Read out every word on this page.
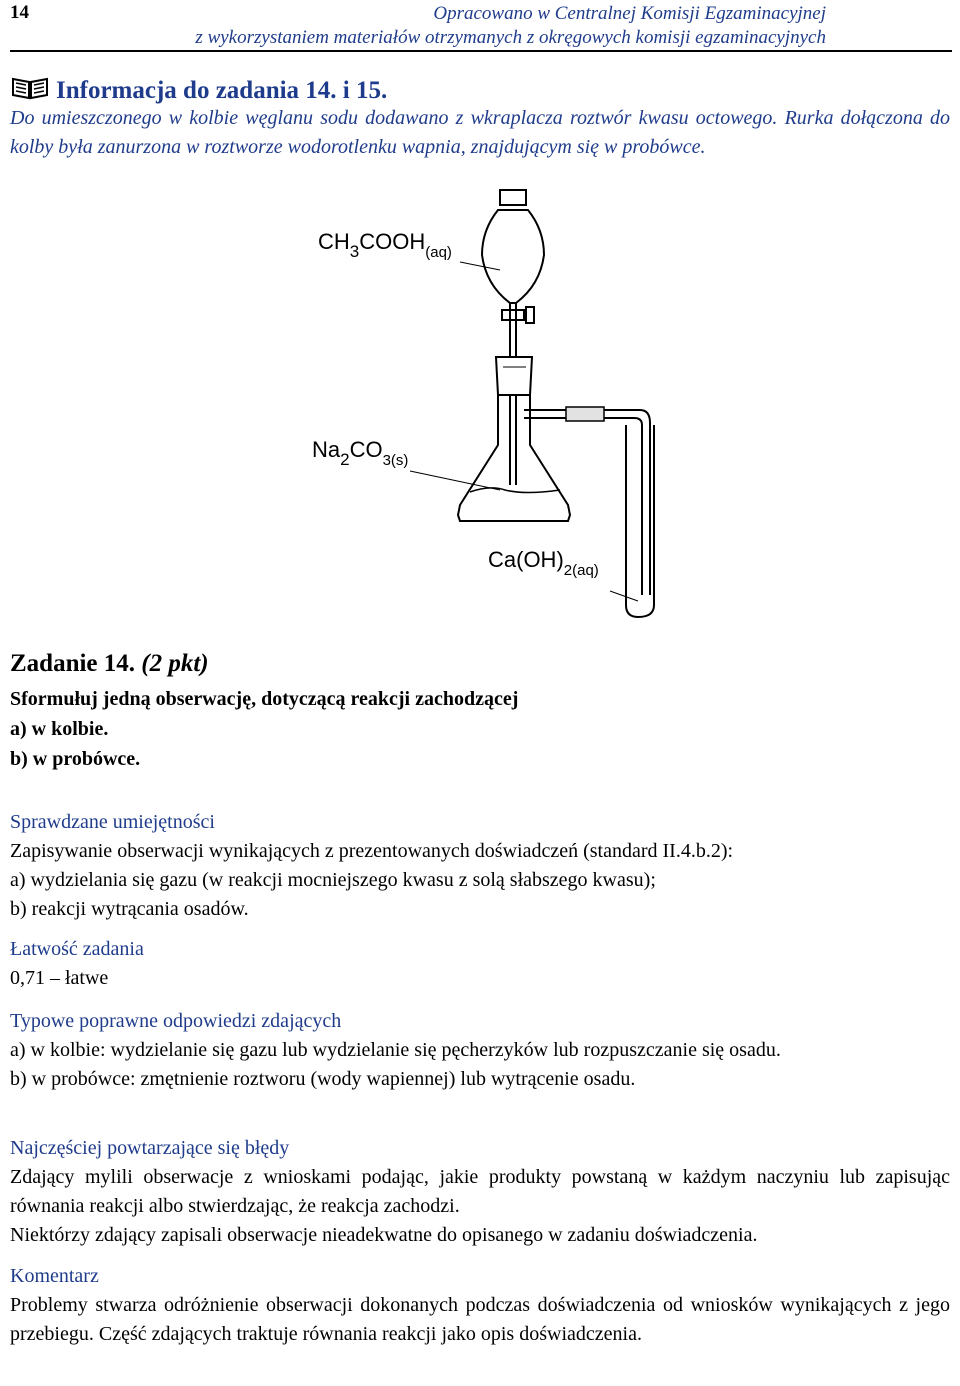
14	Opracowano w Centralnej Komisji Egzaminacyjnej
z wykorzystaniem materiałów otrzymanych z okręgowych komisji egzaminacyjnych
Informacja do zadania 14. i 15.
Do umieszczonego w kolbie węglanu sodu dodawano z wkraplacza roztwór kwasu octowego. Rurka dołączona do kolby była zanurzona w roztworze wodorotlenku wapnia, znajdującym się w probówce.
$CH_3COOH_{(aq)}$
$Na_2CO_{3(s)}$
$Ca(OH)_{2(aq)}$
Zadanie 14. (2 pkt)
Sformułuj jedną obserwację, dotyczącą reakcji zachodzącej
a) w kolbie.
b) w probówce.
Sprawdzane umiejętności
Zapisywanie obserwacji wynikających z prezentowanych doświadczeń (standard II.4.b.2):
a) wydzielania się gazu (w reakcji mocniejszego kwasu z solą słabszego kwasu);
b) reakcji wytrącania osadów.
Łatwość zadania
0,71 – łatwe
Typowe poprawne odpowiedzi zdających
a) w kolbie: wydzielanie się gazu lub wydzielanie się pęcherzyków lub rozpuszczanie się osadu.
b) w probówce: zmętnienie roztworu (wody wapiennej) lub wytrącenie osadu.
Najczęściej powtarzające się błędy
Zdający mylili obserwacje z wnioskami podając, jakie produkty powstaną w każdym naczyniu lub zapisując równania reakcji albo stwierdzając, że reakcja zachodzi.
Niektórzy zdający zapisali obserwacje nieadekwatne do opisanego w zadaniu doświadczenia.
Komentarz
Problemy stwarza odróżnienie obserwacji dokonanych podczas doświadczenia od wniosków wynikających z jego przebiegu. Część zdających traktuje równania reakcji jako opis doświadczenia.
